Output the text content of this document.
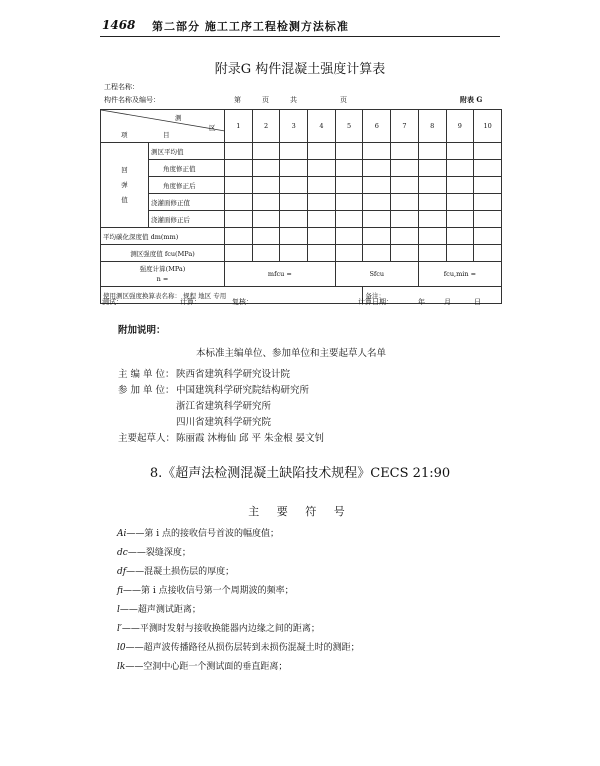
1468 第二部分 施工工序工程检测方法标准
附录G 构件混凝土强度计算表
工程名称：
构件名称及编号：	第	页	共	页	附表 G
测
区
项 目		1	2	3	4	5	6	7	8	9	10
回
弹
值	测区平均值										
	角度修正值										
	角度修正后										
	浇灌面修正值										
	浇灌面修正后										
平均碳化深度值 dm(mm)											
测区强度值 fcu(MPa)											
强度计算(MPa)
n =		mfcu =				Sfcu			fcu,min =		
使用测区强度换算表名称： 规程 地区 专用							备注：				
测试：	计算：	复核：	计算日期：	年	月	日
附加说明：
本标准主编单位、参加单位和主要起草人名单
主 编 单 位： 陕西省建筑科学研究设计院
参 加 单 位： 中国建筑科学研究院结构研究所
浙江省建筑科学研究所
四川省建筑科学研究院
主要起草人： 陈丽霞 沐梅仙 邱 平 朱金根 晏文钊
8.《超声法检测混凝土缺陷技术规程》CECS 21:90
主 要 符 号
Ai——第 i 点的接收信号首波的幅度值；
dc——裂缝深度；
df——混凝土损伤层的厚度；
fi——第 i 点接收信号第一个周期波的频率；
l——超声测试距离；
l′——平测时发射与接收换能器内边缘之间的距离；
l0——超声波传播路径从损伤层转到未损伤混凝土时的测距；
lk——空洞中心距一个测试面的垂直距离；
